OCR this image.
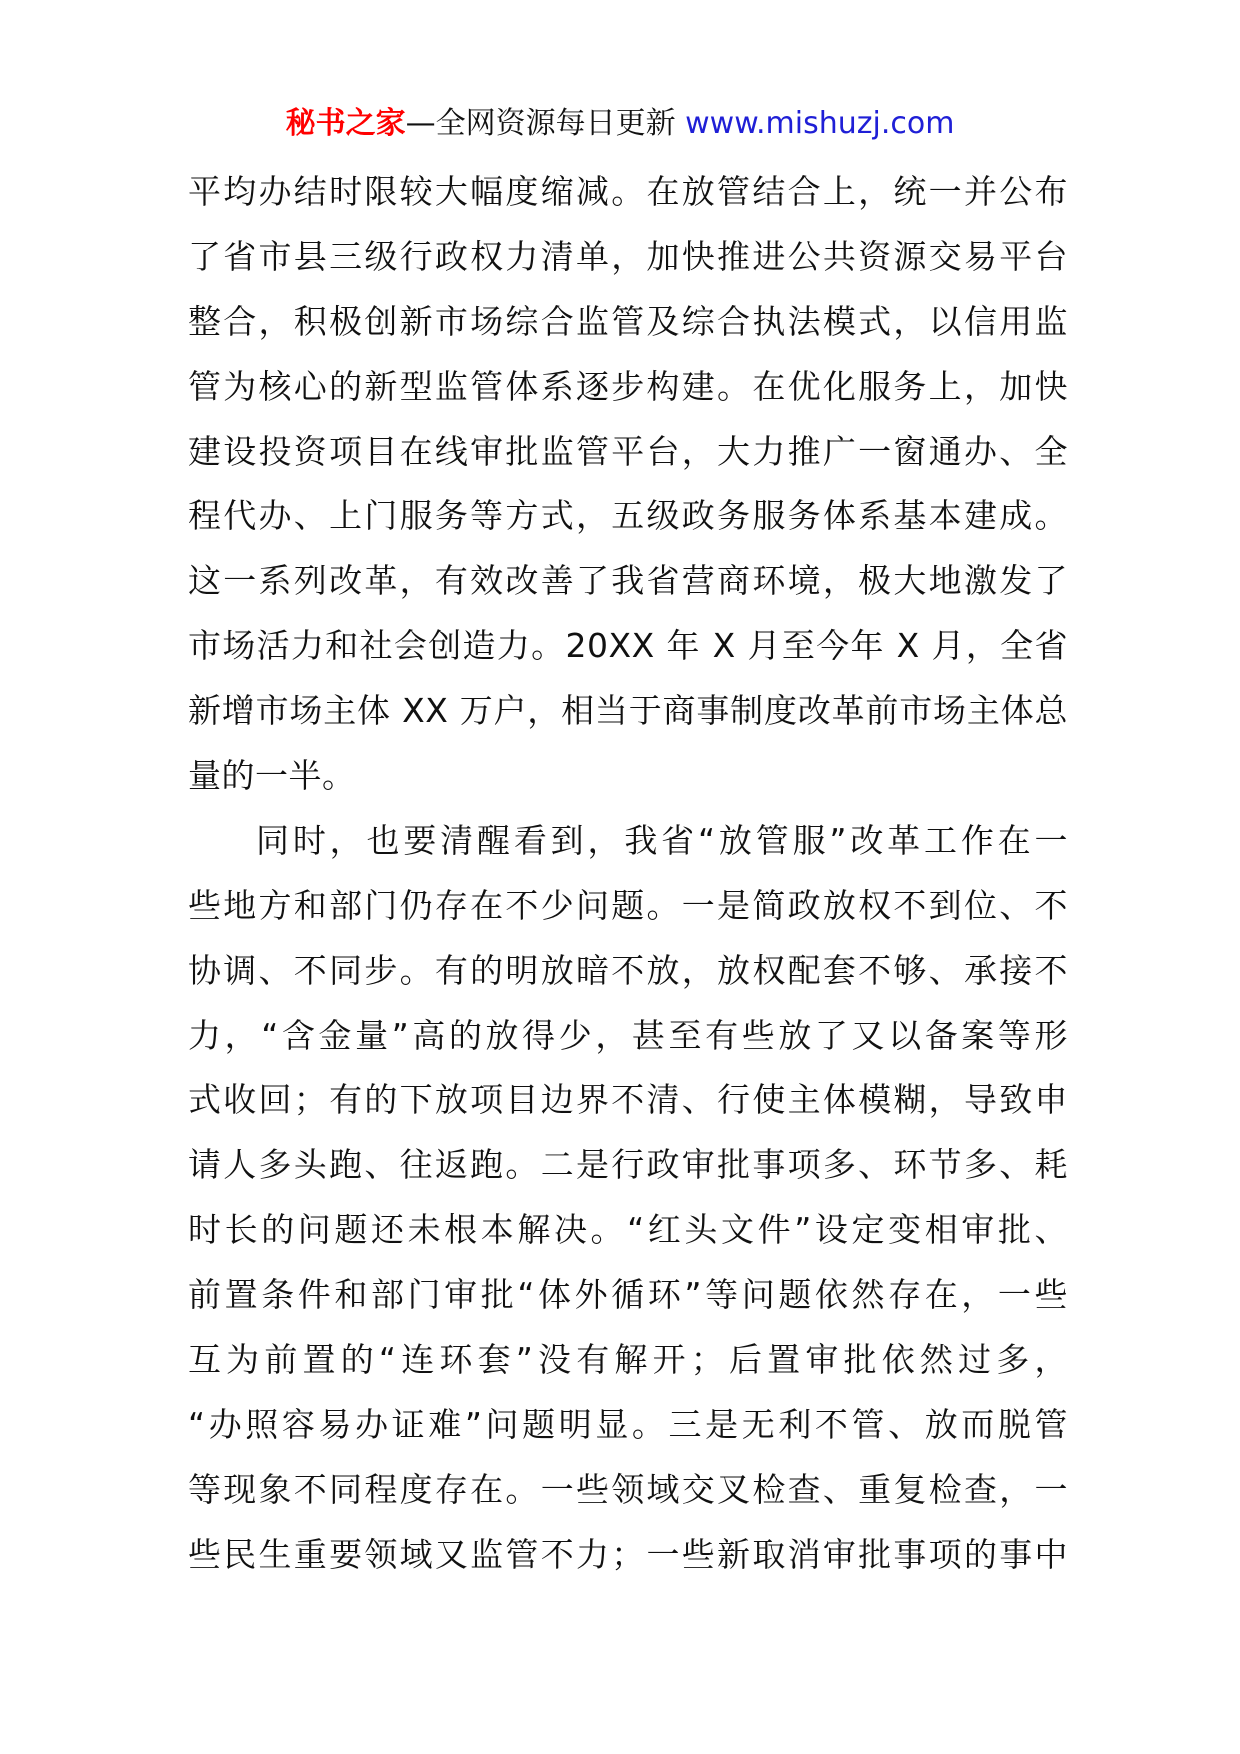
秘书之家—全网资源每日更新 www.mishuzj.com
平均办结时限较大幅度缩减。在放管结合上，统一并公布
了省市县三级行政权力清单，加快推进公共资源交易平台
整合，积极创新市场综合监管及综合执法模式，以信用监
管为核心的新型监管体系逐步构建。在优化服务上，加快
建设投资项目在线审批监管平台，大力推广一窗通办、全
程代办、上门服务等方式，五级政务服务体系基本建成。
这一系列改革，有效改善了我省营商环境，极大地激发了
市场活力和社会创造力。20XX 年 X 月至今年 X 月，全省
新增市场主体 XX 万户，相当于商事制度改革前市场主体总
量的一半。
同时，也要清醒看到，我省“放管服”改革工作在一
些地方和部门仍存在不少问题。一是简政放权不到位、不
协调、不同步。有的明放暗不放，放权配套不够、承接不
力，“含金量”高的放得少，甚至有些放了又以备案等形
式收回；有的下放项目边界不清、行使主体模糊，导致申
请人多头跑、往返跑。二是行政审批事项多、环节多、耗
时长的问题还未根本解决。“红头文件”设定变相审批、
前置条件和部门审批“体外循环”等问题依然存在，一些
互为前置的“连环套”没有解开；后置审批依然过多，
“办照容易办证难”问题明显。三是无利不管、放而脱管
等现象不同程度存在。一些领域交叉检查、重复检查，一
些民生重要领域又监管不力；一些新取消审批事项的事中
